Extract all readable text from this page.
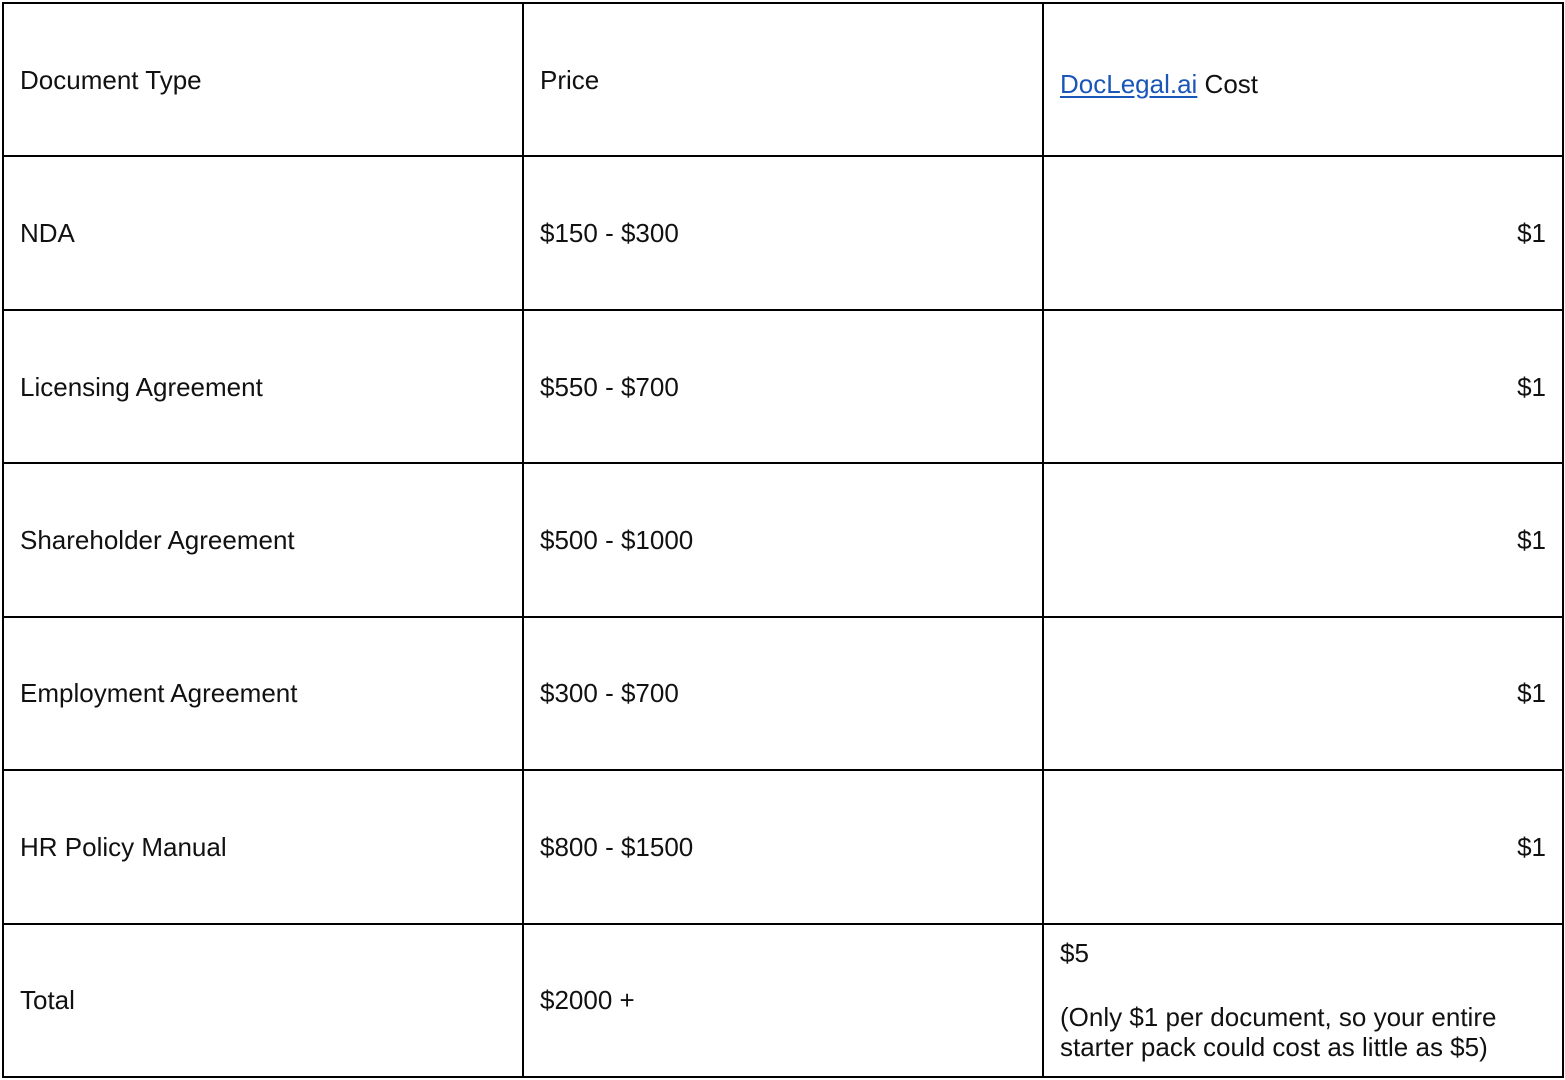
Document Type	Price	DocLegal.ai Cost
NDA	$150 - $300	$1
Licensing Agreement	$550 - $700	$1
Shareholder Agreement	$500 - $1000	$1
Employment Agreement	$300 - $700	$1
HR Policy Manual	$800 - $1500	$1
Total	$2000 +	$5
(Only $1 per document, so your entire starter pack could cost as little as $5)
